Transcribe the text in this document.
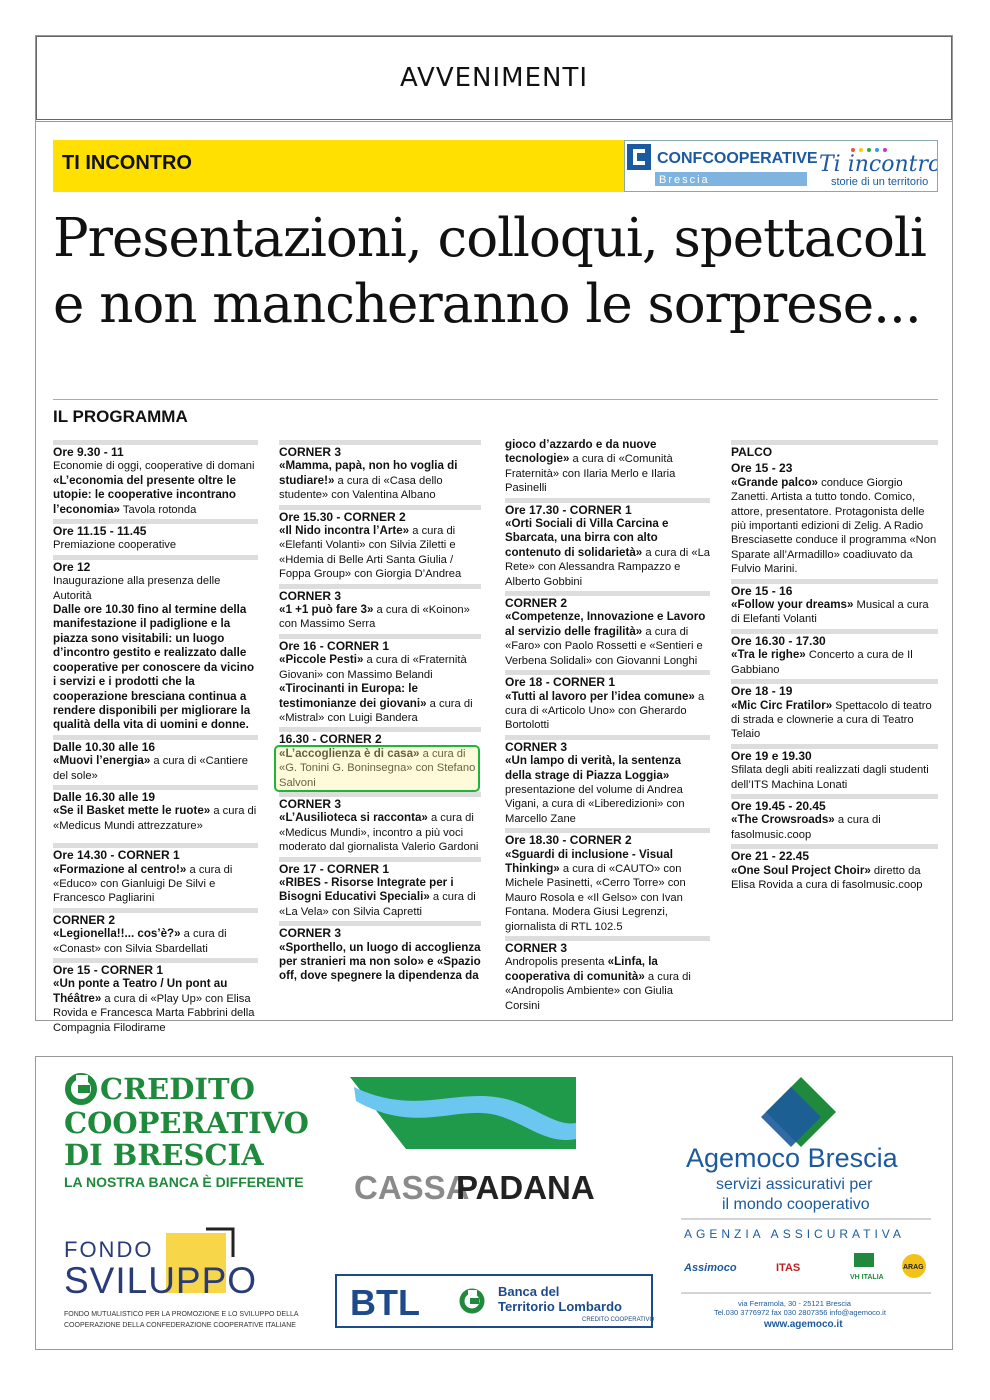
AVVENIMENTI
TI INCONTRO	CONFCOOPERATIVE
Brescia
Ti incontro
storie di un territorio
Presentazioni, colloqui, spettacoli
e non mancheranno le sorprese...
IL PROGRAMMA
Ore 9.30 - 11
Economie di oggi, cooperative di domani
«L’economia del presente oltre le utopie: le cooperative incontrano l’economia» Tavola rotonda
Ore 11.15 - 11.45
Premiazione cooperative
Ore 12
Inaugurazione alla presenza delle Autorità
Dalle ore 10.30 fino al termine della manifestazione il padiglione e la piazza sono visitabili: un luogo d’incontro gestito e realizzato dalle cooperative per conoscere da vicino i servizi e i prodotti che la cooperazione bresciana continua a rendere disponibili per migliorare la qualità della vita di uomini e donne.
Dalle 10.30 alle 16
«Muovi l’energia» a cura di «Cantiere del sole»
Dalle 16.30 alle 19
«Se il Basket mette le ruote» a cura di «Medicus Mundi attrezzature»
Ore 14.30 - CORNER 1
«Formazione al centro!» a cura di «Educo» con Gianluigi De Silvi e Francesco Pagliarini
CORNER 2
«Legionella!!... cos’è?» a cura di «Conast» con Silvia Sbardellati
Ore 15 - CORNER 1
«Un ponte a Teatro / Un pont au Théâtre» a cura di «Play Up» con Elisa Rovida e Francesca Marta Fabbrini della Compagnia Filodirame
CORNER 3
«Mamma, papà, non ho voglia di studiare!» a cura di «Casa dello studente» con Valentina Albano
Ore 15.30 - CORNER 2
«Il Nido incontra l’Arte» a cura di «Elefanti Volanti» con Silvia Ziletti e «Hdemia di Belle Arti Santa Giulia / Foppa Group» con Giorgia D’Andrea
CORNER 3
«1 +1 può fare 3» a cura di «Koinon» con Massimo Serra
Ore 16 - CORNER 1
«Piccole Pesti» a cura di «Fraternità Giovani» con Massimo Belandi
«Tirocinanti in Europa: le testimonianze dei giovani» a cura di «Mistral» con Luigi Bandera
16.30 - CORNER 2
«L’accoglienza è di casa» a cura di «G. Tonini G. Boninsegna» con Stefano Salvoni
CORNER 3
«L’Ausilioteca si racconta» a cura di «Medicus Mundi», incontro a più voci moderato dal giornalista Valerio Gardoni
Ore 17 - CORNER 1
«RIBES - Risorse Integrate per i Bisogni Educativi Speciali» a cura di «La Vela» con Silvia Capretti
CORNER 3
«Sporthello, un luogo di accoglienza per stranieri ma non solo» e «Spazio off, dove spegnere la dipendenza da
gioco d’azzardo e da nuove tecnologie» a cura di «Comunità Fraternità» con Ilaria Merlo e Ilaria Pasinelli
Ore 17.30 - CORNER 1
«Orti Sociali di Villa Carcina e Sbarcata, una birra con alto contenuto di solidarietà» a cura di «La Rete» con Alessandra Rampazzo e Alberto Gobbini
CORNER 2
«Competenze, Innovazione e Lavoro al servizio delle fragilità» a cura di «Faro» con Paolo Rossetti e «Sentieri e Verbena Solidali» con Giovanni Longhi
Ore 18 - CORNER 1
«Tutti al lavoro per l’idea comune» a cura di «Articolo Uno» con Gherardo Bortolotti
CORNER 3
«Un lampo di verità, la sentenza della strage di Piazza Loggia» presentazione del volume di Andrea Vigani, a cura di «Liberedizioni» con Marcello Zane
Ore 18.30 - CORNER 2
«Sguardi di inclusione - Visual Thinking» a cura di «CAUTO» con Michele Pasinetti, «Cerro Torre» con Mauro Rosola e «Il Gelso» con Ivan Fontana. Modera Giusi Legrenzi, giornalista di RTL 102.5
CORNER 3
Andropolis presenta «Linfa, la cooperativa di comunità» a cura di «Andropolis Ambiente» con Giulia Corsini
PALCO
Ore 15 - 23
«Grande palco» conduce Giorgio Zanetti. Artista a tutto tondo. Comico, attore, presentatore. Protagonista delle più importanti edizioni di Zelig. A Radio Bresciasette conduce il programma «Non Sparate all’Armadillo» coadiuvato da Fulvio Marini.
Ore 15 - 16
«Follow your dreams» Musical a cura di Elefanti Volanti
Ore 16.30 - 17.30
«Tra le righe» Concerto a cura de Il Gabbiano
Ore 18 - 19
«Mic Circ Fratilor» Spettacolo di teatro di strada e clownerie a cura di Teatro Telaio
Ore 19 e 19.30
Sfilata degli abiti realizzati dagli studenti dell’ITS Machina Lonati
Ore 19.45 - 20.45
«The Crowsroads» a cura di fasolmusic.coop
Ore 21 - 22.45
«One Soul Project Choir» diretto da Elisa Rovida a cura di fasolmusic.coop
CREDITO
COOPERATIVO
DI BRESCIA
LA NOSTRA BANCA È DIFFERENTE CASSA
PADANA
Agemoco Brescia
servizi assicurativi per
il mondo cooperativo
AGENZIA ASSICURATIVA
Assimoco	ITAS
VH ITALIA
ARAG
via Ferramola, 30 - 25121 Brescia
Tel.030 3776972 fax 030 2807356 info@agemoco.it
www.agemoco.it
FONDO
SVILUPPO
FONDO MUTUALISTICO PER LA PROMOZIONE E LO SVILUPPO DELLA
COOPERAZIONE DELLA CONFEDERAZIONE COOPERATIVE ITALIANE
BTL	Banca del
Territorio Lombardo
CREDITO COOPERATIVO
